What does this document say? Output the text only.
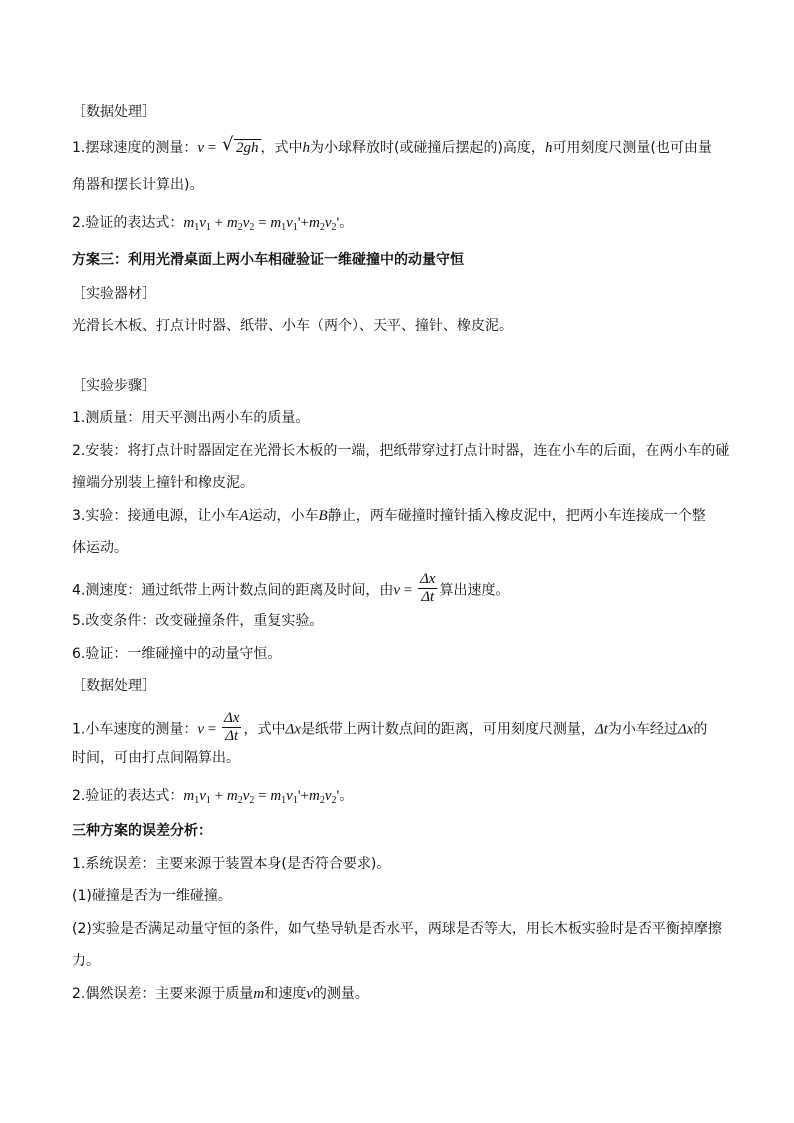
［数据处理］
1.摆球速度的测量：v = √ 2gh ，式中h为小球释放时(或碰撞后摆起的)高度，h可用刻度尺测量(也可由量
角器和摆长计算出)。
2.验证的表达式：$m_1v_1 + m_2v_2 = m_1v_1'+m_2v_2'$。
方案三：利用光滑桌面上两小车相碰验证一维碰撞中的动量守恒
［实验器材］
光滑长木板、打点计时器、纸带、小车（两个）、天平、撞针、橡皮泥。
［实验步骤］
1.测质量：用天平测出两小车的质量。
2.安装：将打点计时器固定在光滑长木板的一端，把纸带穿过打点计时器，连在小车的后面，在两小车的碰
撞端分别装上撞针和橡皮泥。
3.实验：接通电源，让小车A运动，小车B静止，两车碰撞时撞针插入橡皮泥中，把两小车连接成一个整
体运动。
4.测速度：通过纸带上两计数点间的距离及时间，由$v = \frac{\Delta x}{\Delta t}$ 算出速度。
5.改变条件：改变碰撞条件，重复实验。
6.验证：一维碰撞中的动量守恒。
［数据处理］
1.小车速度的测量：$v = \frac{\Delta x}{\Delta t}$ ，式中Δx是纸带上两计数点间的距离，可用刻度尺测量，Δt为小车经过Δx的
时间，可由打点间隔算出。
2.验证的表达式：$m_1v_1 + m_2v_2 = m_1v_1'+m_2v_2'$。
三种方案的误差分析：
1.系统误差：主要来源于装置本身(是否符合要求)。
(1)碰撞是否为一维碰撞。
(2)实验是否满足动量守恒的条件，如气垫导轨是否水平，两球是否等大，用长木板实验时是否平衡掉摩擦
力。
2.偶然误差：主要来源于质量m和速度v的测量。
